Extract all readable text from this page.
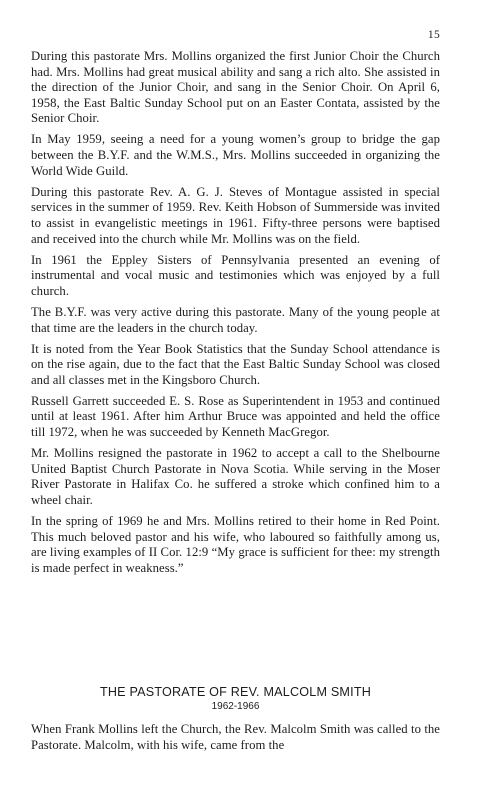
15

During this pastorate Mrs. Mollins organized the first Junior Choir the Church had. Mrs. Mollins had great musical ability and sang a rich alto. She assisted in the direction of the Junior Choir, and sang in the Senior Choir. On April 6, 1958, the East Baltic Sunday School put on an Easter Contata, assisted by the Senior Choir.

In May 1959, seeing a need for a young women’s group to bridge the gap between the B.Y.F. and the W.M.S., Mrs. Mollins succeeded in organizing the World Wide Guild.

During this pastorate Rev. A. G. J. Steves of Montague assisted in special services in the summer of 1959. Rev. Keith Hobson of Summerside was invited to assist in evangelistic meetings in 1961. Fifty-three persons were baptised and received into the church while Mr. Mollins was on the field.

In 1961 the Eppley Sisters of Pennsylvania presented an evening of instrumental and vocal music and testimonies which was enjoyed by a full church.

The B.Y.F. was very active during this pastorate. Many of the young people at that time are the leaders in the church today.

It is noted from the Year Book Statistics that the Sunday School attendance is on the rise again, due to the fact that the East Baltic Sunday School was closed and all classes met in the Kingsboro Church.

Russell Garrett succeeded E. S. Rose as Superintendent in 1953 and continued until at least 1961. After him Arthur Bruce was appointed and held the office till 1972, when he was succeeded by Kenneth MacGregor.

Mr. Mollins resigned the pastorate in 1962 to accept a call to the Shelbourne United Baptist Church Pastorate in Nova Scotia. While serving in the Moser River Pastorate in Halifax Co. he suffered a stroke which confined him to a wheel chair.

In the spring of 1969 he and Mrs. Mollins retired to their home in Red Point. This much beloved pastor and his wife, who laboured so faithfully among us, are living examples of II Cor. 12:9 “My grace is sufficient for thee: my strength is made perfect in weakness.”

THE PASTORATE OF REV. MALCOLM SMITH
1962-1966

When Frank Mollins left the Church, the Rev. Malcolm Smith was called to the Pastorate. Malcolm, with his wife, came from the
